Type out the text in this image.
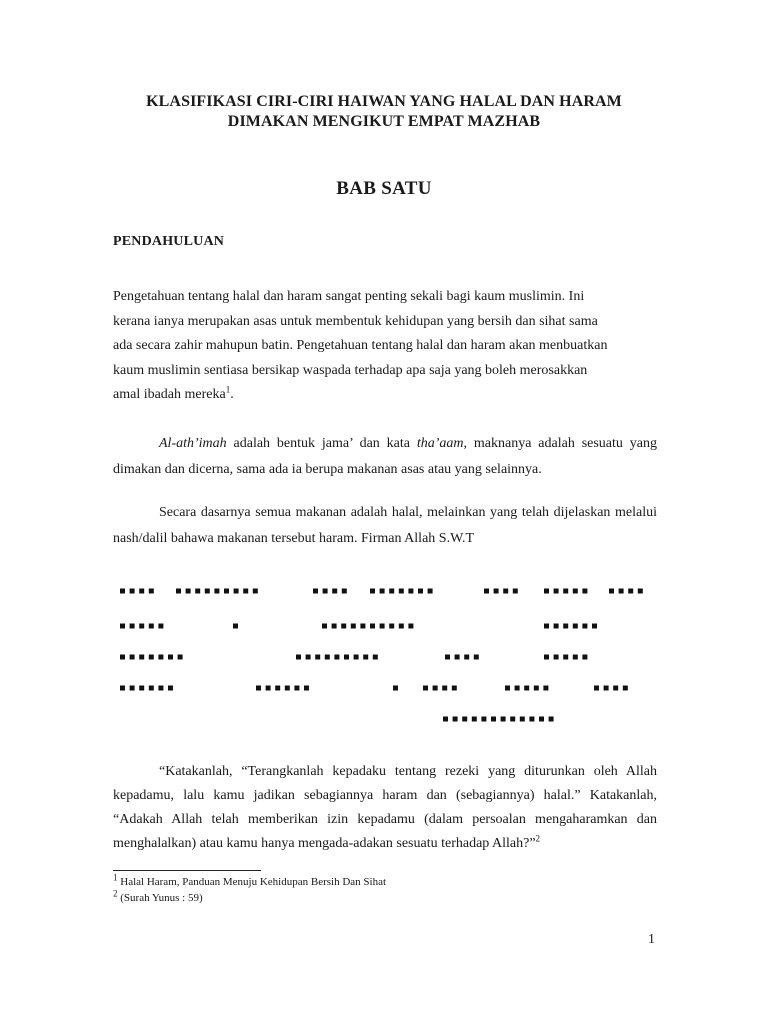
KLASIFIKASI CIRI-CIRI HAIWAN YANG HALAL DAN HARAM
DIMAKAN MENGIKUT EMPAT MAZHAB
BAB SATU
PENDAHULUAN
Pengetahuan tentang halal dan haram sangat penting sekali bagi kaum muslimin. Ini
kerana ianya merupakan asas untuk membentuk kehidupan yang bersih dan sihat sama
ada secara zahir mahupun batin. Pengetahuan tentang halal dan haram akan menbuatkan
kaum muslimin sentiasa bersikap waspada terhadap apa saja yang boleh merosakkan
amal ibadah mereka$^1$.
Al-ath’imah adalah bentuk jama’ dan kata tha’aam, maknanya adalah sesuatu yang dimakan dan dicerna, sama ada ia berupa makanan asas atau yang selainnya.
Secara dasarnya semua makanan adalah halal, melainkan yang telah dijelaskan melalui nash/dalil bahawa makanan tersebut haram. Firman Allah S.W.T
“Katakanlah, “Terangkanlah kepadaku tentang rezeki yang diturunkan oleh Allah kepadamu, lalu kamu jadikan sebagiannya haram dan (sebagiannya) halal.” Katakanlah, “Adakah Allah telah memberikan izin kepadamu (dalam persoalan mengaharamkan dan menghalalkan) atau kamu hanya mengada-adakan sesuatu terhadap Allah?”$^2$
$^1$ Halal Haram, Panduan Menuju Kehidupan Bersih Dan Sihat
$^2$ (Surah Yunus : 59)
1
